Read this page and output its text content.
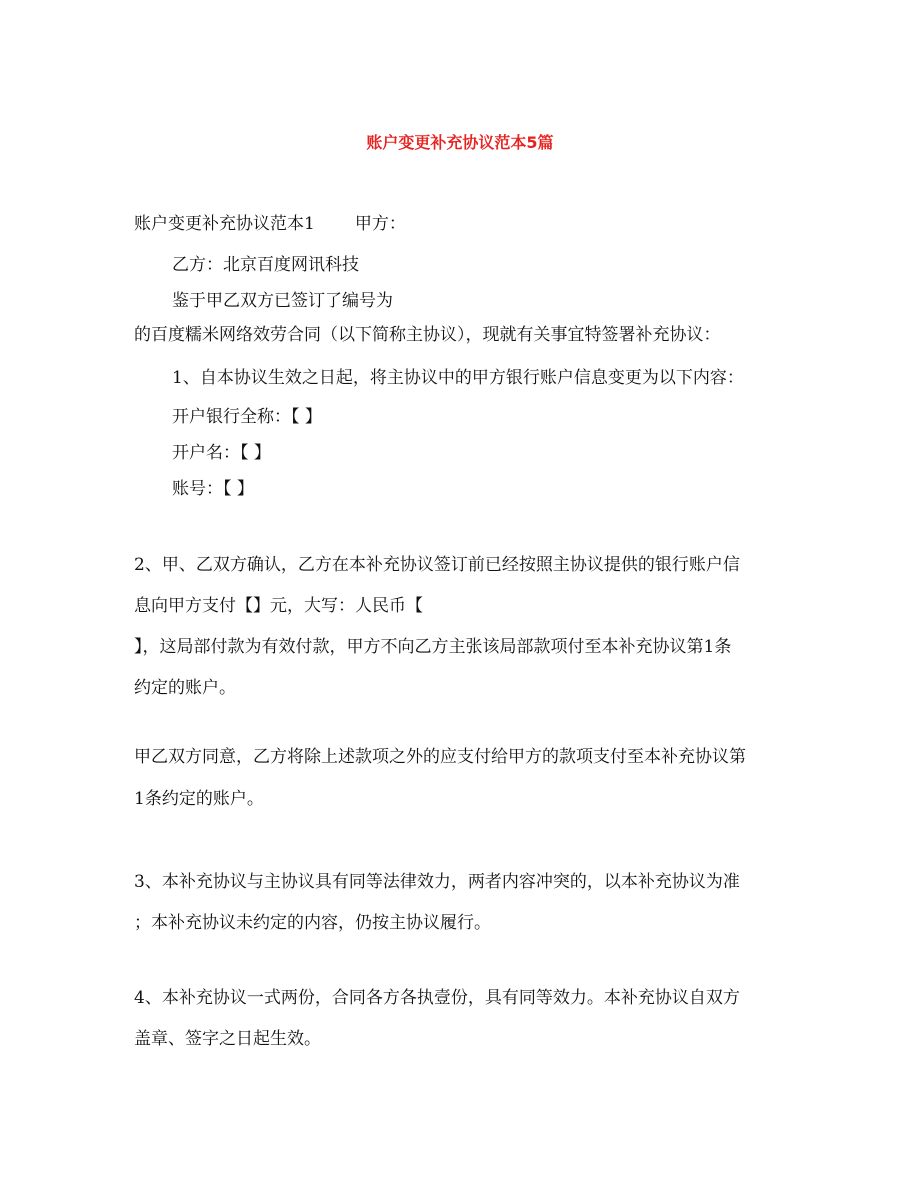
账户变更补充协议范本5篇
账户变更补充协议范本1 甲方：
乙方：北京百度网讯科技
鉴于甲乙双方已签订了编号为
的百度糯米网络效劳合同（以下简称主协议），现就有关事宜特签署补充协议：
1、自本协议生效之日起，将主协议中的甲方银行账户信息变更为以下内容：
开户银行全称：【 】
开户名：【 】
账号：【 】
2、甲、乙双方确认，乙方在本补充协议签订前已经按照主协议提供的银行账户信
息向甲方支付【】元，大写：人民币【
】，这局部付款为有效付款，甲方不向乙方主张该局部款项付至本补充协议第1条
约定的账户。
甲乙双方同意，乙方将除上述款项之外的应支付给甲方的款项支付至本补充协议第
1条约定的账户。
3、本补充协议与主协议具有同等法律效力，两者内容冲突的，以本补充协议为准
；本补充协议未约定的内容，仍按主协议履行。
4、本补充协议一式两份，合同各方各执壹份，具有同等效力。本补充协议自双方
盖章、签字之日起生效。
